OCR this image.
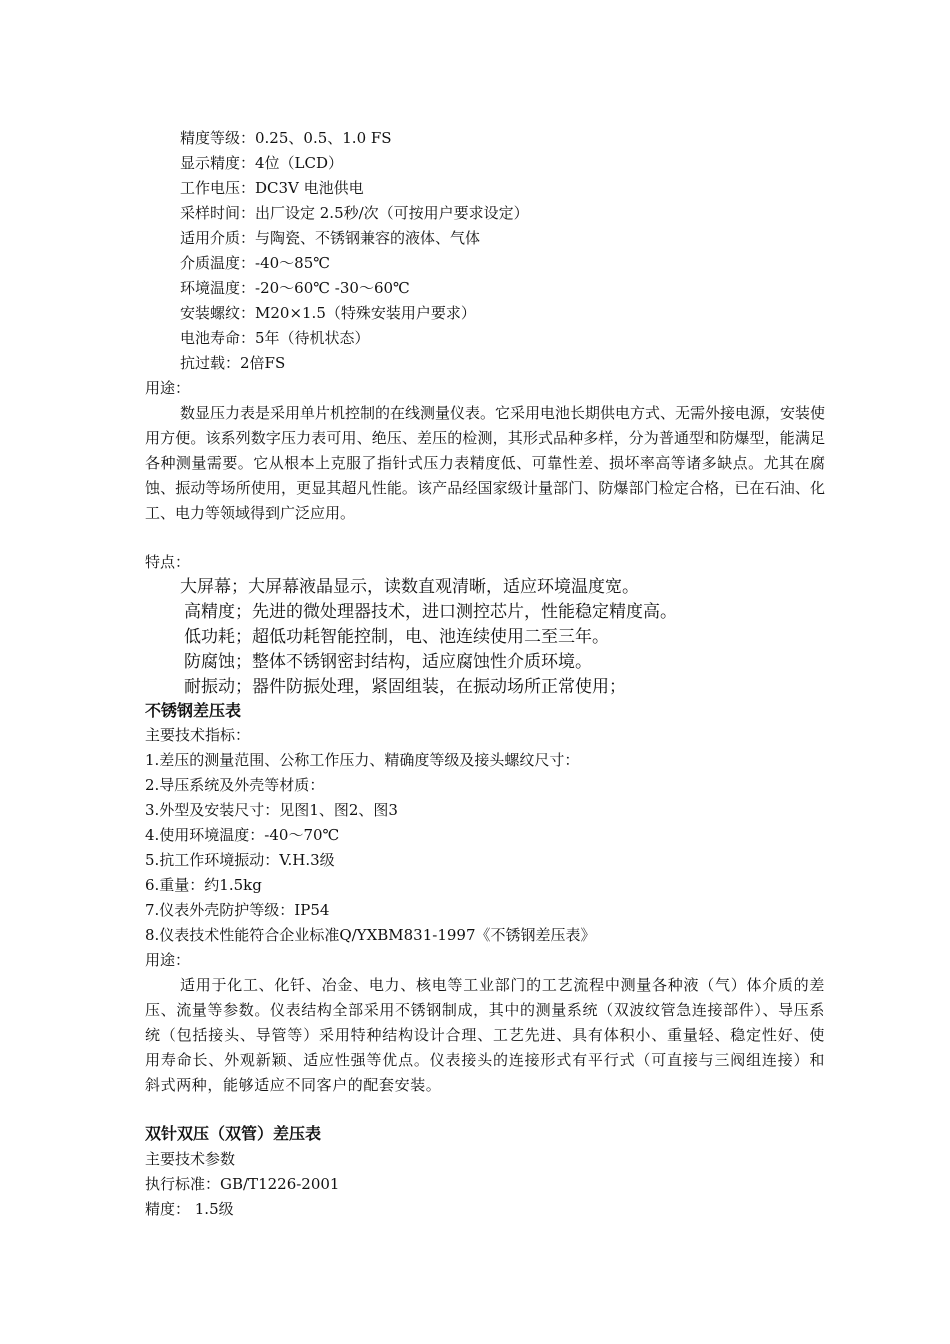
精度等级：0.25、0.5、1.0 FS
显示精度：4位（LCD）
工作电压：DC3V 电池供电
采样时间：出厂设定 2.5秒/次（可按用户要求设定）
适用介质：与陶瓷、不锈钢兼容的液体、气体
介质温度：-40～85℃
环境温度：-20～60℃ -30～60℃
安装螺纹：M20×1.5（特殊安装用户要求）
电池寿命：5年（待机状态）
抗过载：2倍FS
用途：
数显压力表是采用单片机控制的在线测量仪表。它采用电池长期供电方式、无需外接电源，安装使用方便。该系列数字压力表可用、绝压、差压的检测，其形式品种多样，分为普通型和防爆型，能满足各种测量需要。它从根本上克服了指针式压力表精度低、可靠性差、损坏率高等诸多缺点。尤其在腐蚀、振动等场所使用，更显其超凡性能。该产品经国家级计量部门、防爆部门检定合格，已在石油、化工、电力等领域得到广泛应用。
特点：
大屏幕；大屏幕液晶显示，读数直观清晰，适应环境温度宽。
高精度；先进的微处理器技术，进口测控芯片，性能稳定精度高。
低功耗；超低功耗智能控制，电、池连续使用二至三年。
防腐蚀；整体不锈钢密封结构，适应腐蚀性介质环境。
耐振动；器件防振处理，紧固组装，在振动场所正常使用；
不锈钢差压表
主要技术指标：
1.差压的测量范围、公称工作压力、精确度等级及接头螺纹尺寸：
2.导压系统及外壳等材质：
3.外型及安装尺寸：见图1、图2、图3
4.使用环境温度：-40～70℃
5.抗工作环境振动：V.H.3级
6.重量：约1.5kg
7.仪表外壳防护等级：IP54
8.仪表技术性能符合企业标准Q/YXBM831-1997《不锈钢差压表》
用途：
适用于化工、化钎、冶金、电力、核电等工业部门的工艺流程中测量各种液（气）体介质的差压、流量等参数。仪表结构全部采用不锈钢制成，其中的测量系统（双波纹管急连接部件）、导压系统（包括接头、导管等）采用特种结构设计合理、工艺先进、具有体积小、重量轻、稳定性好、使用寿命长、外观新颖、适应性强等优点。仪表接头的连接形式有平行式（可直接与三阀组连接）和斜式两种，能够适应不同客户的配套安装。
双针双压（双管）差压表
主要技术参数
执行标准：GB/T1226-2001
精度： 1.5级
